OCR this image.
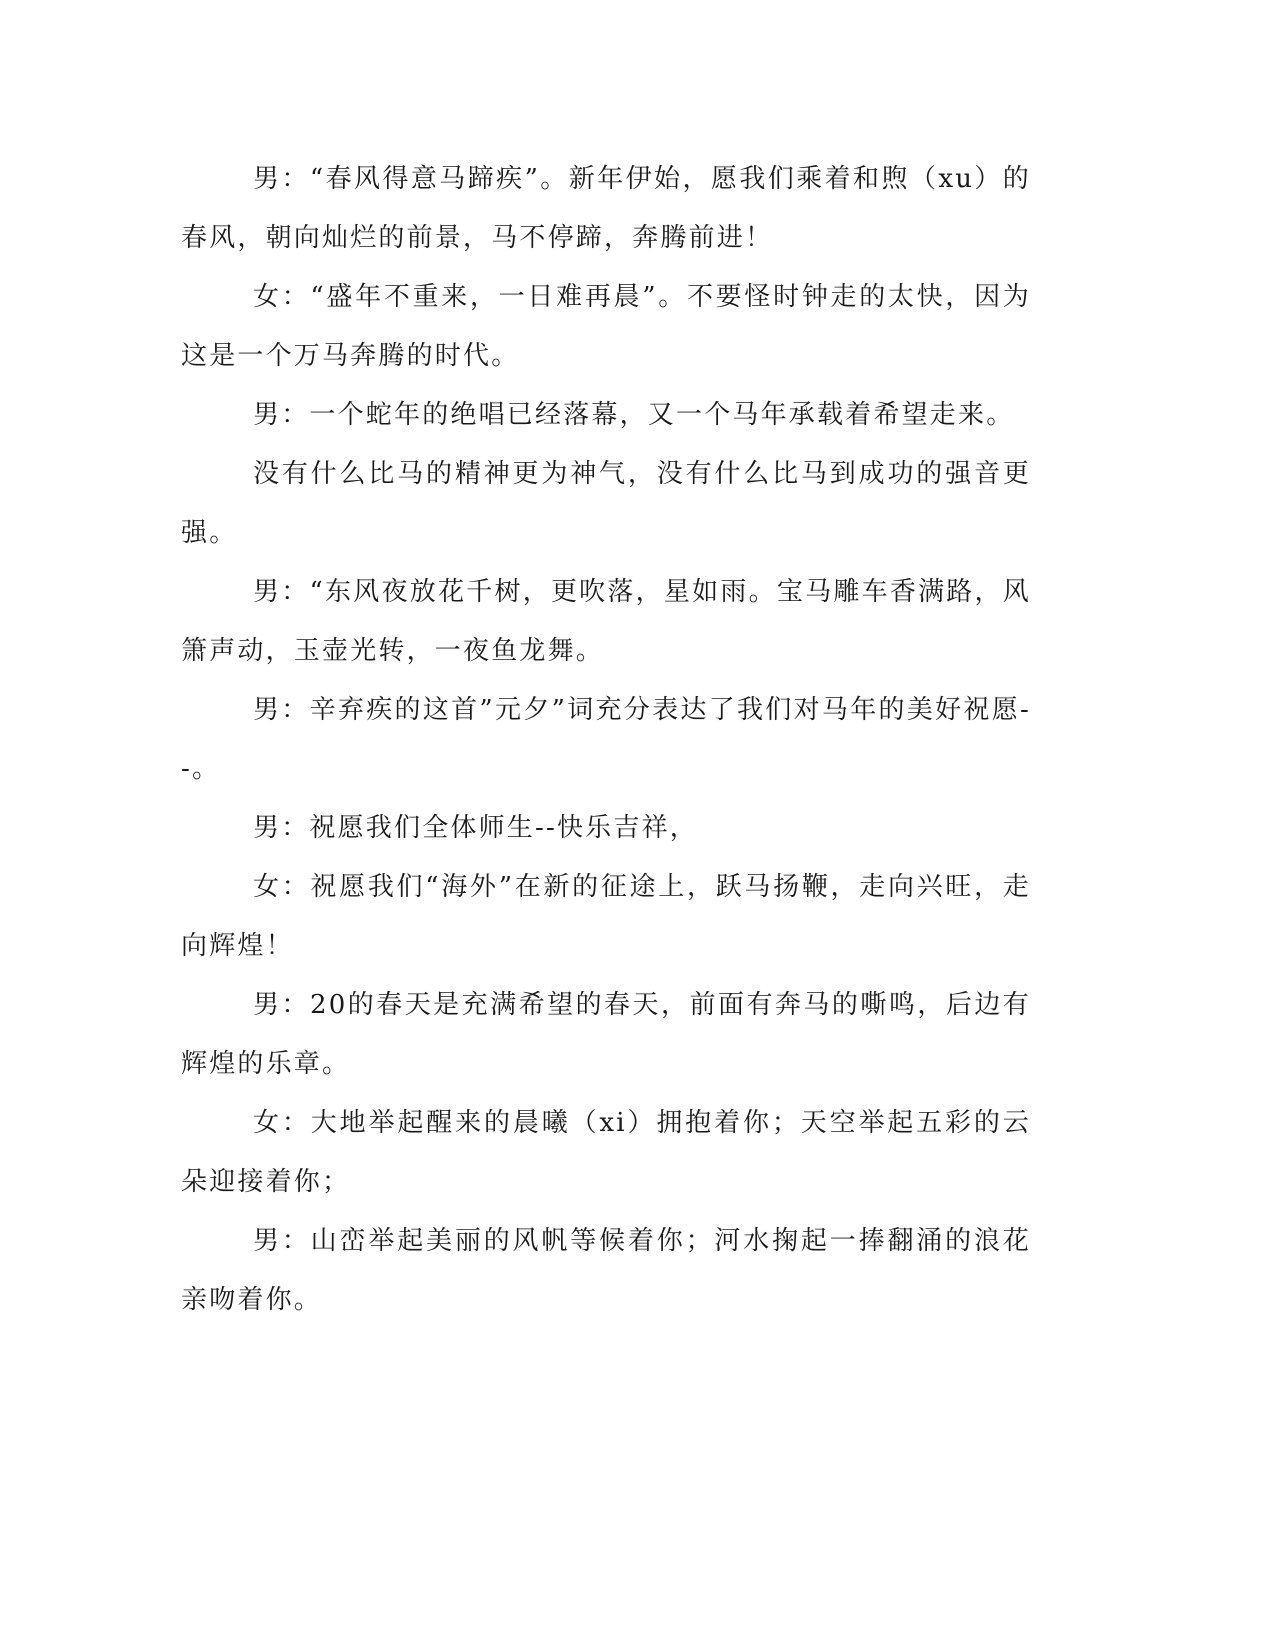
男：“春风得意马蹄疾”。新年伊始，愿我们乘着和煦（xu）的春风，朝向灿烂的前景，马不停蹄，奔腾前进！

女：“盛年不重来，一日难再晨”。不要怪时钟走的太快，因为这是一个万马奔腾的时代。

男：一个蛇年的绝唱已经落幕，又一个马年承载着希望走来。

没有什么比马的精神更为神气，没有什么比马到成功的强音更强。

男：“东风夜放花千树，更吹落，星如雨。宝马雕车香满路，风箫声动，玉壶光转，一夜鱼龙舞。

男：辛弃疾的这首”元夕”词充分表达了我们对马年的美好祝愿--。

男：祝愿我们全体师生--快乐吉祥，

女：祝愿我们“海外”在新的征途上，跃马扬鞭，走向兴旺，走向辉煌！

男：20的春天是充满希望的春天，前面有奔马的嘶鸣，后边有辉煌的乐章。

女：大地举起醒来的晨曦（xi）拥抱着你；天空举起五彩的云朵迎接着你；

男：山峦举起美丽的风帆等候着你；河水掬起一捧翻涌的浪花亲吻着你。
